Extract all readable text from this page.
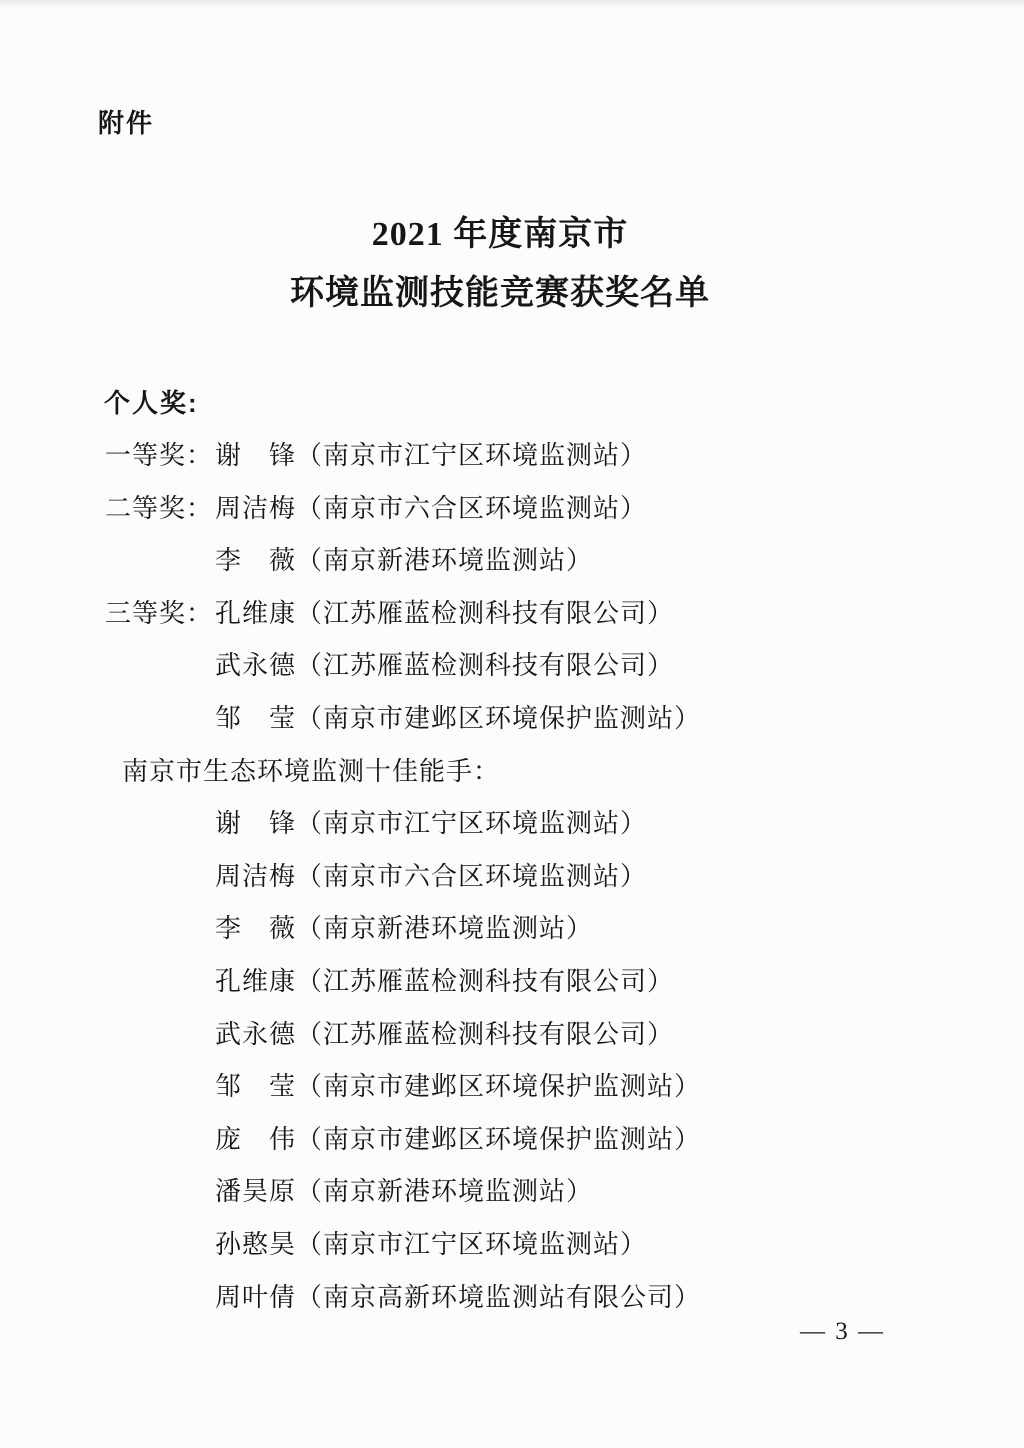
附件
2021 年度南京市
环境监测技能竞赛获奖名单
个人奖:
一等奖：谢　锋（南京市江宁区环境监测站）
二等奖：周洁梅（南京市六合区环境监测站）
李　薇（南京新港环境监测站）
三等奖：孔维康（江苏雁蓝检测科技有限公司）
武永德（江苏雁蓝检测科技有限公司）
邹　莹（南京市建邺区环境保护监测站）
南京市生态环境监测十佳能手：
谢　锋（南京市江宁区环境监测站）
周洁梅（南京市六合区环境监测站）
李　薇（南京新港环境监测站）
孔维康（江苏雁蓝检测科技有限公司）
武永德（江苏雁蓝检测科技有限公司）
邹　莹（南京市建邺区环境保护监测站）
庞　伟（南京市建邺区环境保护监测站）
潘昊原（南京新港环境监测站）
孙憨昊（南京市江宁区环境监测站）
周叶倩（南京高新环境监测站有限公司）
— 3 —
